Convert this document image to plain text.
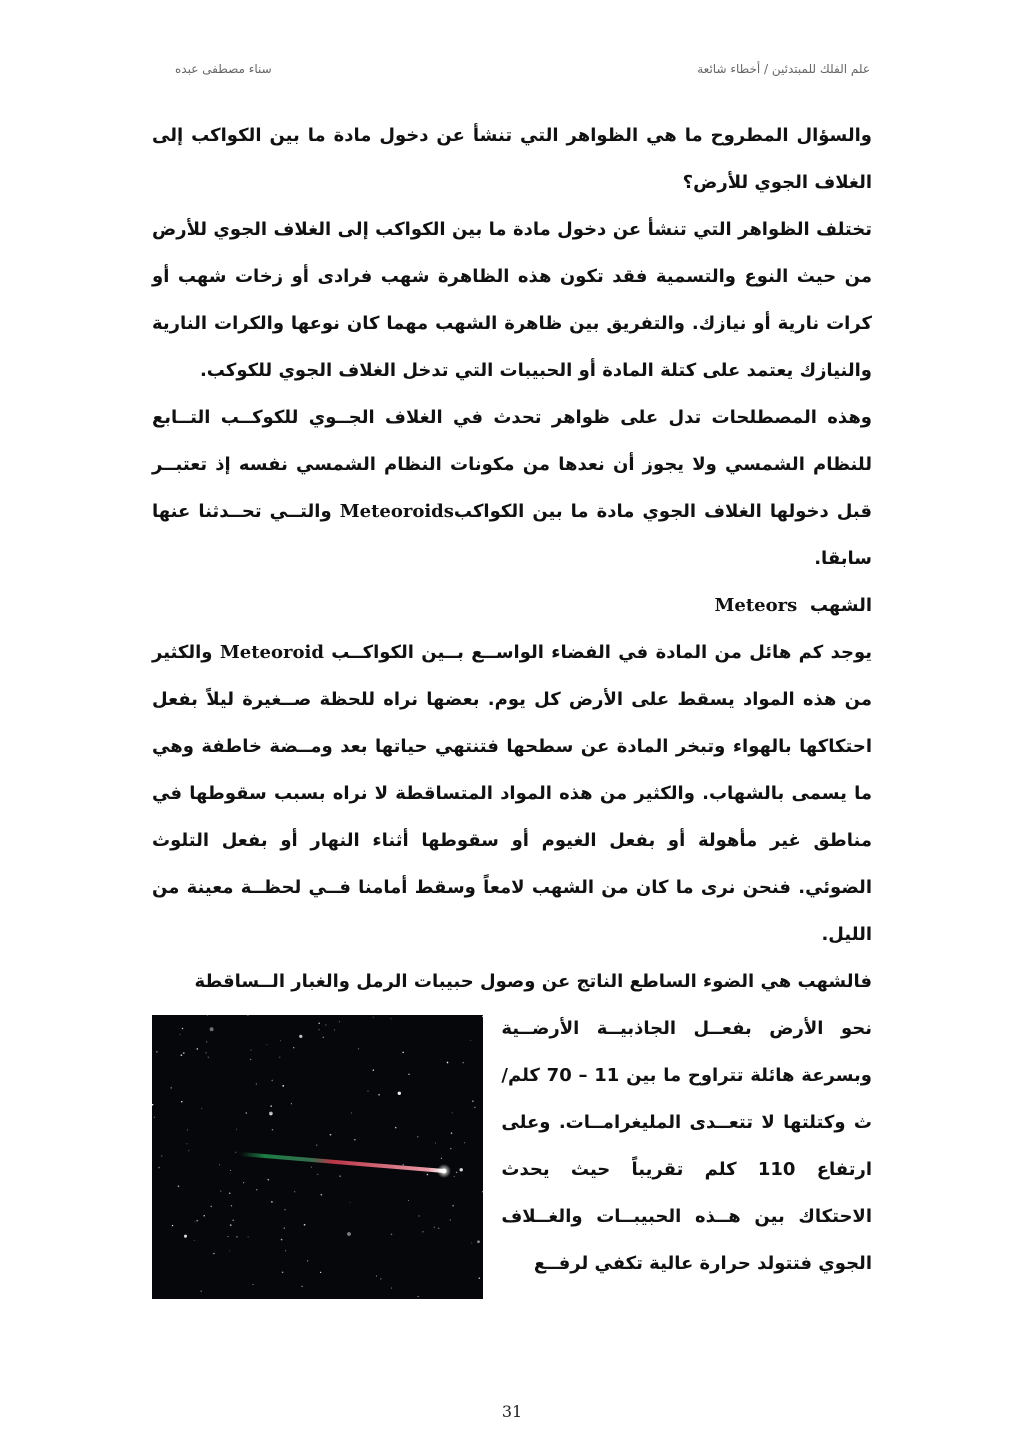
علم الفلك للمبتدئين / أخطاء شائعة
سناء مصطفى عبده

والسؤال المطروح ما هي الظواهر التي تنشأ عن دخول مادة ما بين الكواكب إلى الغلاف الجوي للأرض؟

تختلف الظواهر التي تنشأ عن دخول مادة ما بين الكواكب إلى الغلاف الجوي للأرض من حيث النوع والتسمية فقد تكون هذه الظاهرة شهب فرادى أو زخات شهب أو كرات نارية أو نيازك. والتفريق بين ظاهرة الشهب مهما كان نوعها والكرات النارية والنيازك يعتمد على كتلة المادة أو الحبيبات التي تدخل الغلاف الجوي للكوكب.

وهذه المصطلحات تدل على ظواهر تحدث في الغلاف الجــوي للكوكــب التــابع للنظام الشمسي ولا يجوز أن نعدها من مكونات النظام الشمسي نفسه إذ تعتبــر قبل دخولها الغلاف الجوي مادة ما بين الكواكبMeteoroids والتــي تحــدثنا عنها سابقا.

الشهب  Meteors

يوجد كم هائل من المادة في الفضاء الواســع بــين الكواكــب Meteoroid والكثير من هذه المواد يسقط على الأرض كل يوم. بعضها نراه للحظة صــغيرة ليلاً بفعل احتكاكها بالهواء وتبخر المادة عن سطحها فتنتهي حياتها بعد ومــضة خاطفة وهي ما يسمى بالشهاب. والكثير من هذه المواد المتساقطة لا نراه بسبب سقوطها في مناطق غير مأهولة أو بفعل الغيوم أو سقوطها أثناء النهار أو بفعل التلوث الضوئي. فنحن نرى ما كان من الشهب لامعاً وسقط أمامنا فــي لحظــة معينة من الليل.

فالشهب هي الضوء الساطع الناتج عن وصول حبيبات الرمل والغبار الــساقطة

نحو الأرض بفعــل الجاذبيــة الأرضــية وبسرعة هائلة تتراوح ما بين 11 – 70 كلم/ ث وكتلتها لا تتعــدى المليغرامــات. وعلى ارتفاع 110 كلم تقريباً حيث يحدث الاحتكاك بين هــذه الحبيبــات والغــلاف الجوي فتتولد حرارة عالية تكفي لرفــع
31
